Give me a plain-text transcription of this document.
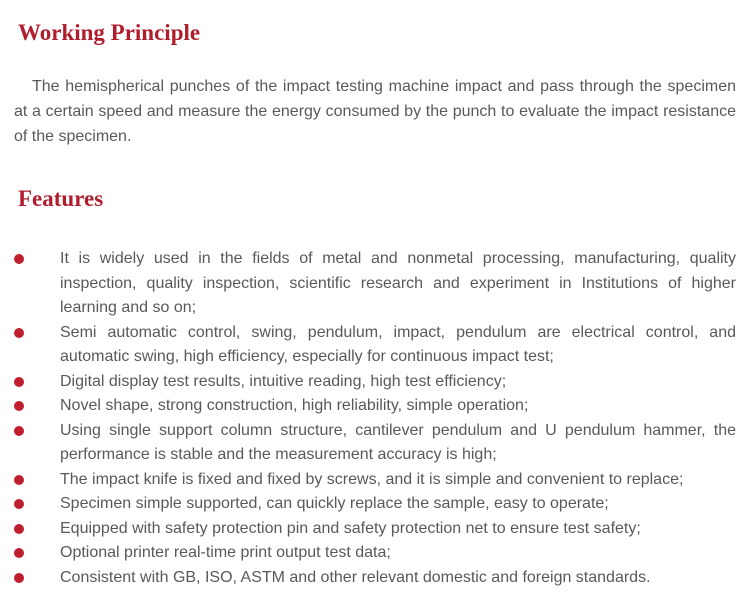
Working Principle

The hemispherical punches of the impact testing machine impact and pass through the specimen at a certain speed and measure the energy consumed by the punch to evaluate the impact resistance of the specimen.

Features
It is widely used in the fields of metal and nonmetal processing, manufacturing, quality inspection, quality inspection, scientific research and experiment in Institutions of higher learning and so on;
Semi automatic control, swing, pendulum, impact, pendulum are electrical control, and automatic swing, high efficiency, especially for continuous impact test;
Digital display test results, intuitive reading, high test efficiency;
Novel shape, strong construction, high reliability, simple operation;
Using single support column structure, cantilever pendulum and U pendulum hammer, the performance is stable and the measurement accuracy is high;
The impact knife is fixed and fixed by screws, and it is simple and convenient to replace;
Specimen simple supported, can quickly replace the sample, easy to operate;
Equipped with safety protection pin and safety protection net to ensure test safety;
Optional printer real-time print output test data;
Consistent with GB, ISO, ASTM and other relevant domestic and foreign standards.
